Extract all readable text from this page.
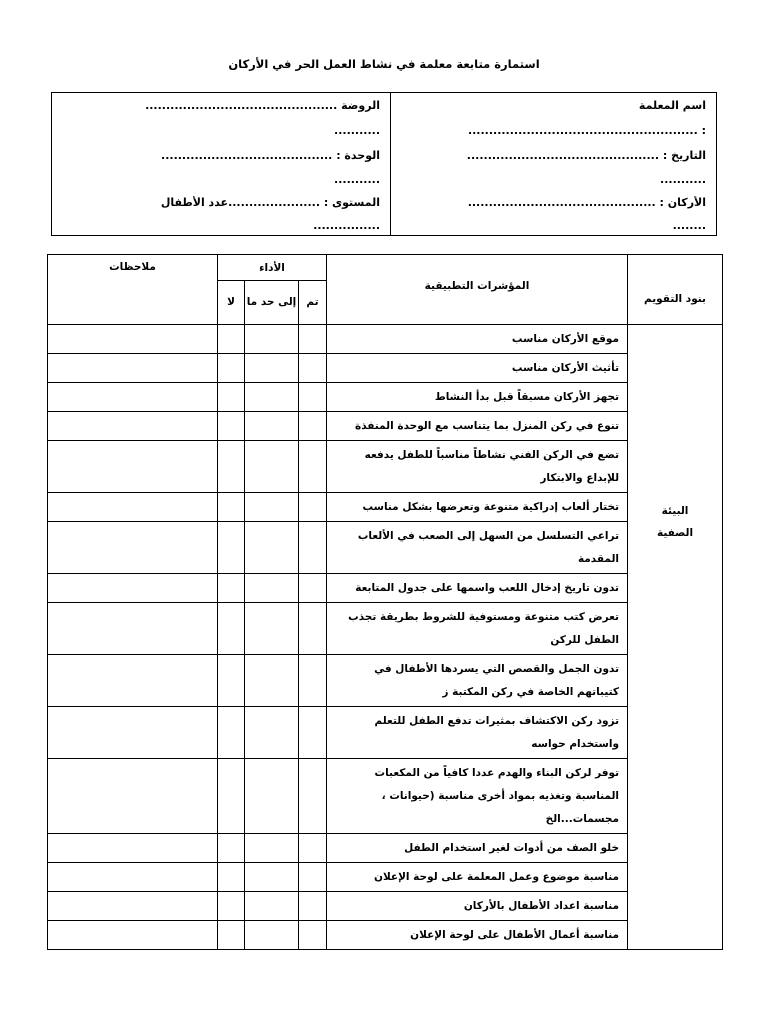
استمارة متابعة معلمة في نشاط العمل الحر في الأركان
اسم المعلمة
: .......................................................
التاريخ : ..............................................
...........
الأركان : .............................................
........
الروضة ..............................................
...........
الوحدة : .........................................
...........
المستوى : ......................عدد الأطفال
................
بنود التقويم	المؤشرات التطبيقية	الأداء			ملاحظات
		تم	إلى حد ما	لا	

البيئة
الصفية	موقع الأركان مناسب				
	تأثيث الأركان مناسب				
	تجهز الأركان مسبقاً قبل بدأ النشاط				
	تنوع في ركن المنزل بما يتناسب مع الوحدة المنفذة				
	تضع في الركن الفني نشاطاً مناسباً للطفل يدفعه للإبداع والابتكار				
	تختار ألعاب إدراكية متنوعة وتعرضها بشكل مناسب				
	تراعي التسلسل من السهل إلى الصعب في الألعاب المقدمة				
	تدون تاريخ إدخال اللعب واسمها على جدول المتابعة				
	تعرض كتب متنوعة ومستوفية للشروط بطريقة تجذب الطفل للركن				
	تدون الجمل والقصص التي يسردها الأطفال في كتيباتهم الخاصة في ركن المكتبة ز				
	تزود ركن الاكتشاف بمثيرات تدفع الطفل للتعلم واستخدام حواسه				
	توفر لركن البناء والهدم عددا كافياً من المكعبات المناسبة وتغذيه بمواد أخرى مناسبة (حيوانات ، مجسمات...الخ				
	خلو الصف من أدوات لغير استخدام الطفل				
	مناسبة موضوع وعمل المعلمة على لوحة الإعلان				
	مناسبة اعداد الأطفال بالأركان				
	مناسبة أعمال الأطفال على لوحة الإعلان				
